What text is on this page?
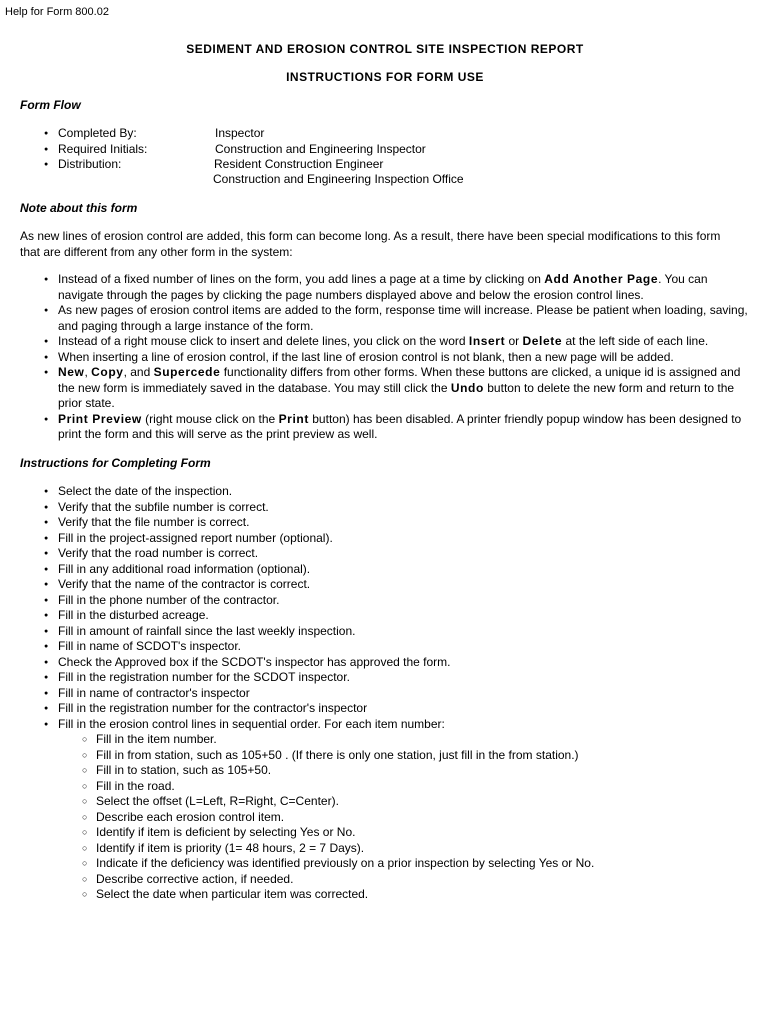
Help for Form 800.02
SEDIMENT AND EROSION CONTROL SITE INSPECTION REPORT
INSTRUCTIONS FOR FORM USE
Form Flow
● Completed By:	Inspector
● Required Initials:	Construction and Engineering Inspector
● Distribution:	Resident Construction Engineer
Construction and Engineering Inspection Office
Note about this form
As new lines of erosion control are added, this form can become long. As a result, there have been special modifications to this form that are different from any other form in the system:
● Instead of a fixed number of lines on the form, you add lines a page at a time by clicking on Add Another Page. You can navigate through the pages by clicking the page numbers displayed above and below the erosion control lines.
● As new pages of erosion control items are added to the form, response time will increase. Please be patient when loading, saving, and paging through a large instance of the form.
● Instead of a right mouse click to insert and delete lines, you click on the word Insert or Delete at the left side of each line.
● When inserting a line of erosion control, if the last line of erosion control is not blank, then a new page will be added.
● New, Copy, and Supercede functionality differs from other forms. When these buttons are clicked, a unique id is assigned and the new form is immediately saved in the database. You may still click the Undo button to delete the new form and return to the prior state.
● Print Preview (right mouse click on the Print button) has been disabled. A printer friendly popup window has been designed to print the form and this will serve as the print preview as well.
Instructions for Completing Form
● Select the date of the inspection.
● Verify that the subfile number is correct.
● Verify that the file number is correct.
● Fill in the project-assigned report number (optional).
● Verify that the road number is correct.
● Fill in any additional road information (optional).
● Verify that the name of the contractor is correct.
● Fill in the phone number of the contractor.
● Fill in the disturbed acreage.
● Fill in amount of rainfall since the last weekly inspection.
● Fill in name of SCDOT's inspector.
● Check the Approved box if the SCDOT's inspector has approved the form.
● Fill in the registration number for the SCDOT inspector.
● Fill in name of contractor's inspector
● Fill in the registration number for the contractor's inspector
● Fill in the erosion control lines in sequential order. For each item number:
○ Fill in the item number.
○ Fill in from station, such as 105+50 . (If there is only one station, just fill in the from station.)
○ Fill in to station, such as 105+50.
○ Fill in the road.
○ Select the offset (L=Left, R=Right, C=Center).
○ Describe each erosion control item.
○ Identify if item is deficient by selecting Yes or No.
○ Identify if item is priority (1= 48 hours, 2 = 7 Days).
○ Indicate if the deficiency was identified previously on a prior inspection by selecting Yes or No.
○ Describe corrective action, if needed.
○ Select the date when particular item was corrected.
